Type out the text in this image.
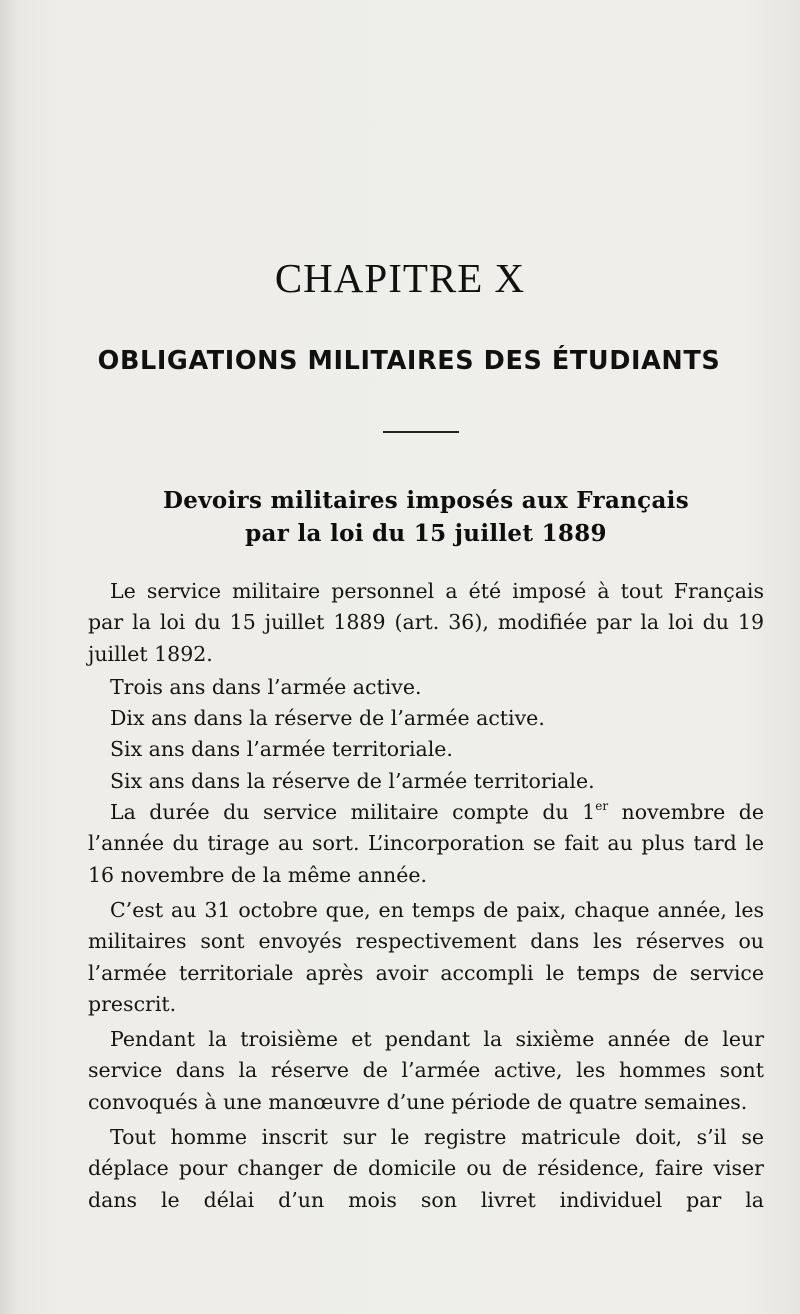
CHAPITRE X
OBLIGATIONS MILITAIRES DES ÉTUDIANTS
Devoirs militaires imposés aux Français
par la loi du 15 juillet 1889

Le service militaire personnel a été imposé à tout Français par la loi du 15 juillet 1889 (art. 36), modifiée par la loi du 19 juillet 1892.

Trois ans dans l’armée active.

Dix ans dans la réserve de l’armée active.

Six ans dans l’armée territoriale.

Six ans dans la réserve de l’armée territoriale.

La durée du service militaire compte du 1er novembre de l’année du tirage au sort. L’incorporation se fait au plus tard le 16 novembre de la même année.

C’est au 31 octobre que, en temps de paix, chaque année, les militaires sont envoyés respectivement dans les réserves ou l’armée territoriale après avoir accompli le temps de service prescrit.

Pendant la troisième et pendant la sixième année de leur service dans la réserve de l’armée active, les hommes sont convoqués à une manœuvre d’une période de quatre semaines.

Tout homme inscrit sur le registre matricule doit, s’il se déplace pour changer de domicile ou de résidence, faire viser dans le délai d’un mois son livret individuel par la
